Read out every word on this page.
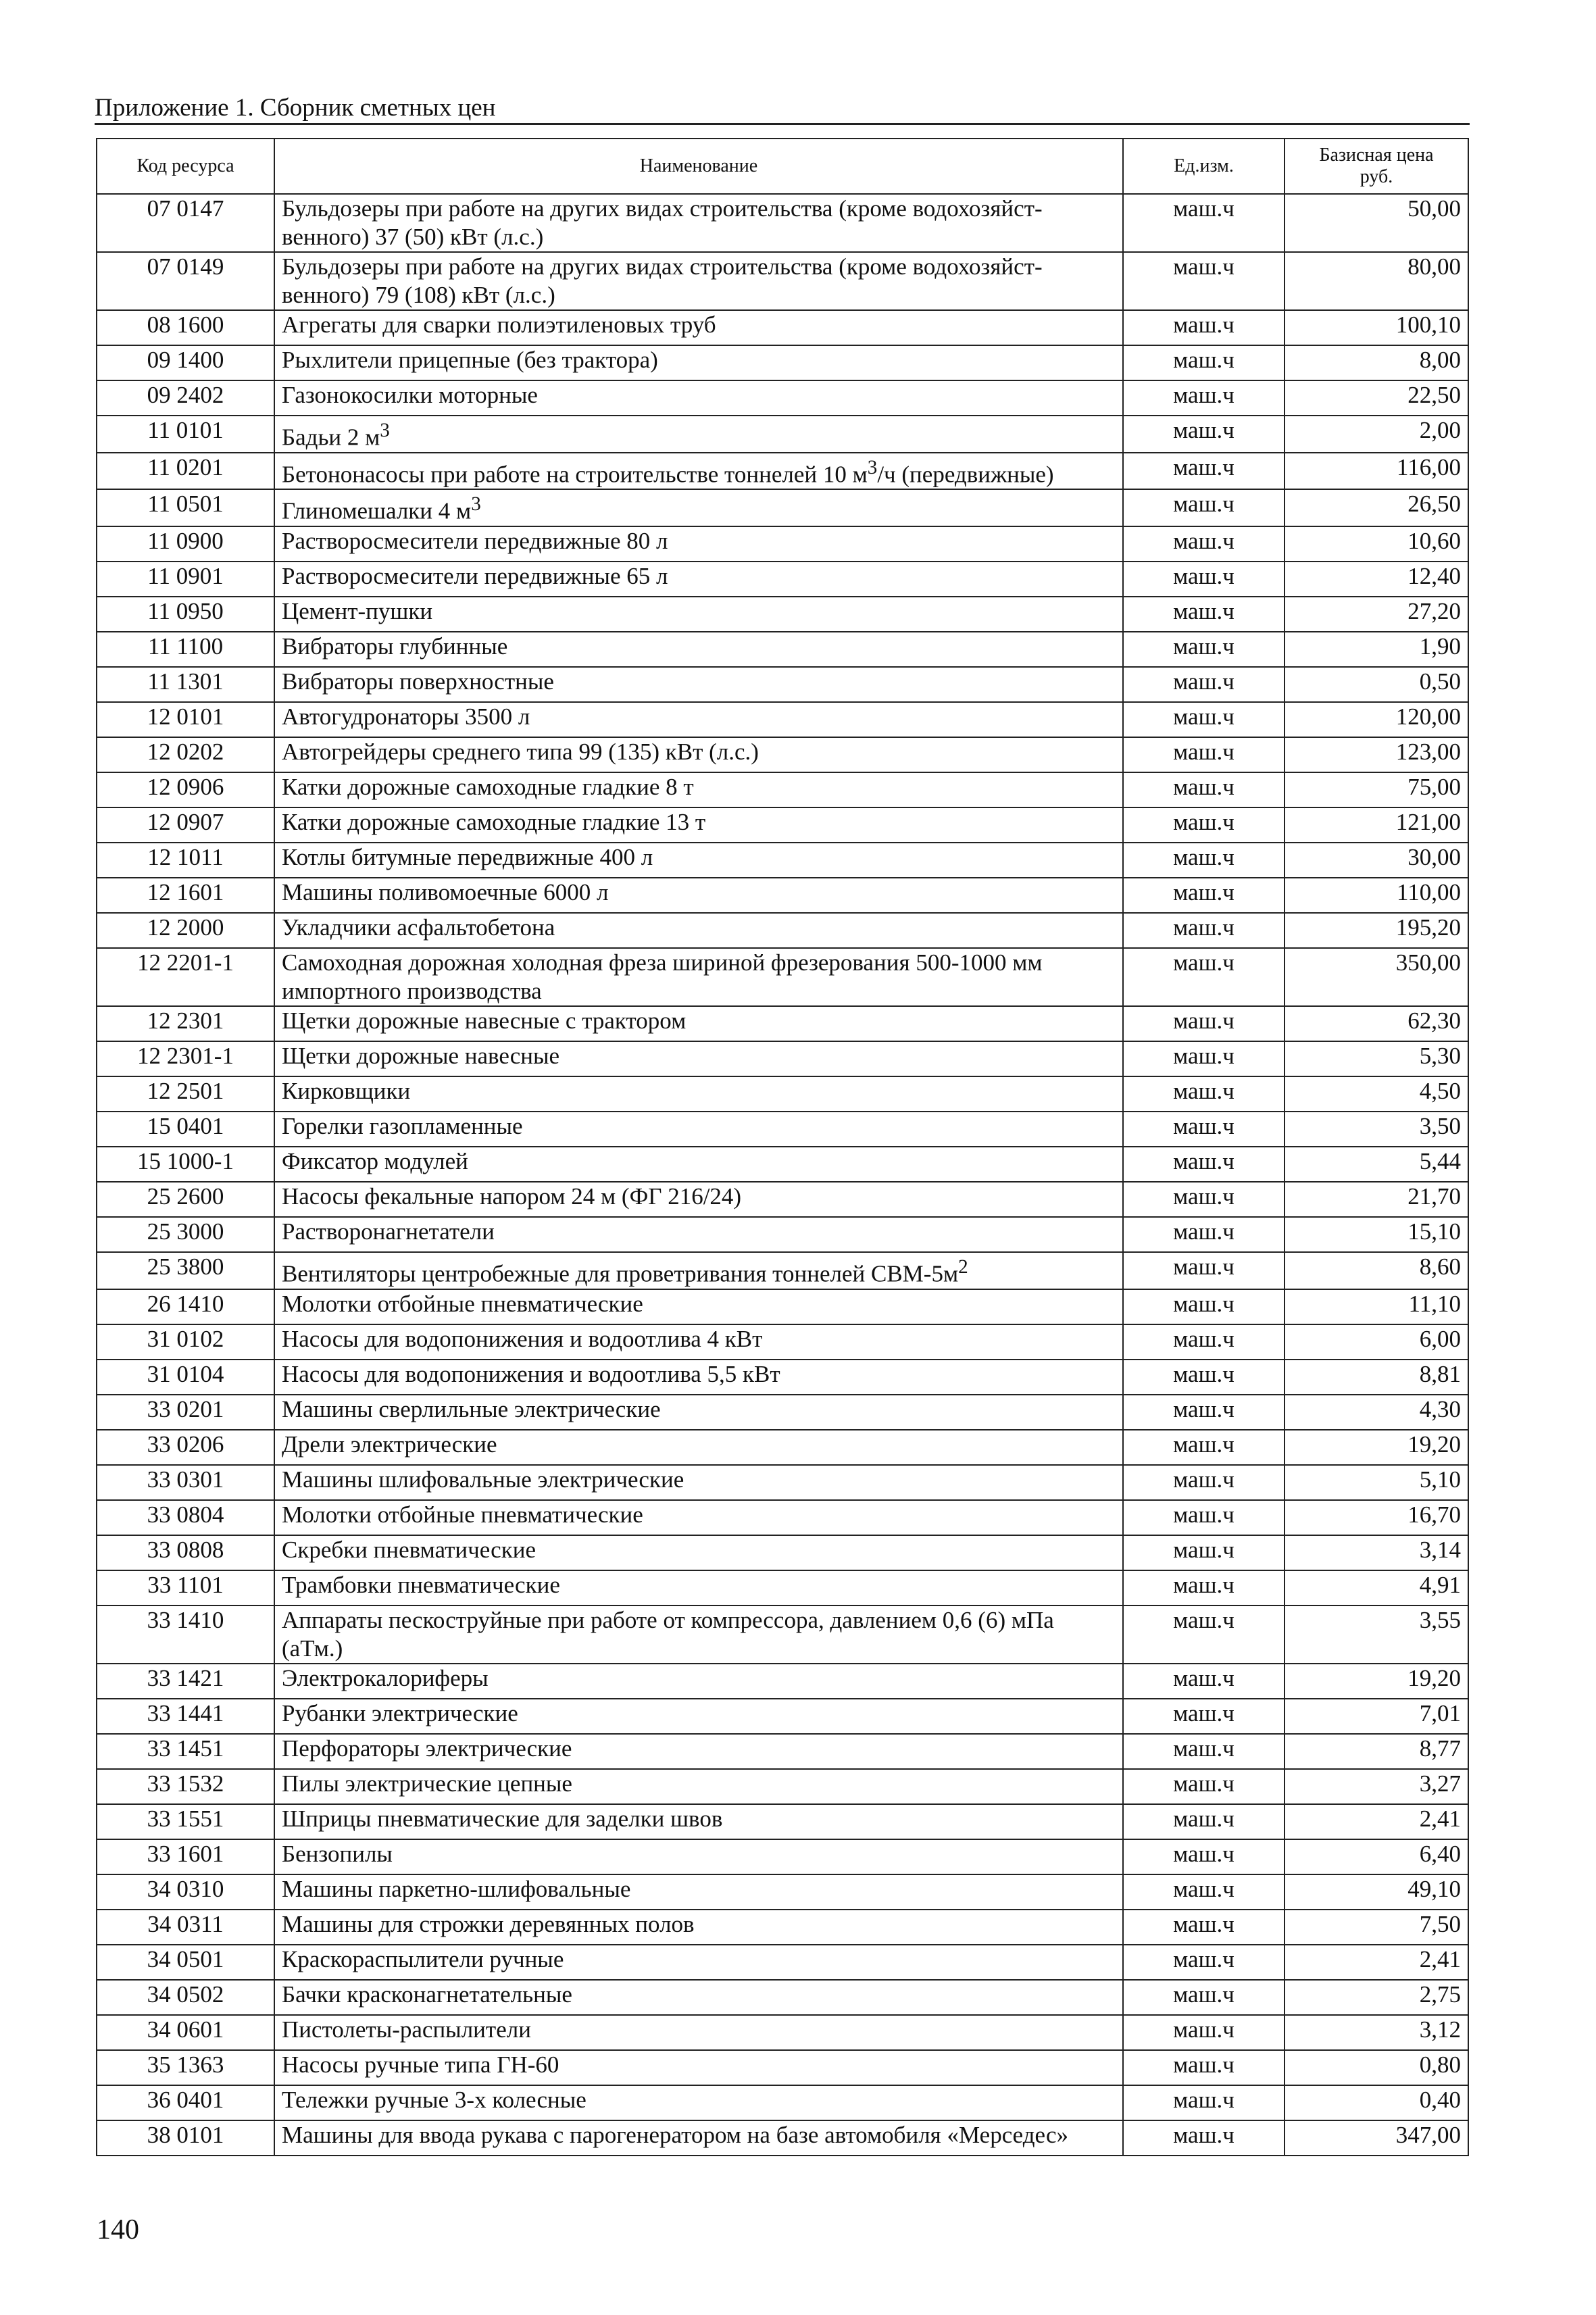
Приложение 1. Сборник сметных цен
Код ресурса	Наименование	Ед.изм.	Базисная цена
руб.
07 0147	Бульдозеры при работе на других видах строительства (кроме водохозяйст-
венного) 37 (50) кВт (л.с.)	маш.ч	50,00
07 0149	Бульдозеры при работе на других видах строительства (кроме водохозяйст-
венного) 79 (108) кВт (л.с.)	маш.ч	80,00
08 1600	Агрегаты для сварки полиэтиленовых труб	маш.ч	100,10
09 1400	Рыхлители прицепные (без трактора)	маш.ч	8,00
09 2402	Газонокосилки моторные	маш.ч	22,50
11 0101	Бадьи 2 $м^3$	маш.ч	2,00
11 0201	Бетононасосы при работе на строительстве тоннелей 10 $м^3/ч$ (передвижные)	маш.ч	116,00
11 0501	Глиномешалки 4 $м^3$	маш.ч	26,50
11 0900	Растворосмесители передвижные 80 л	маш.ч	10,60
11 0901	Растворосмесители передвижные 65 л	маш.ч	12,40
11 0950	Цемент-пушки	маш.ч	27,20
11 1100	Вибраторы глубинные	маш.ч	1,90
11 1301	Вибраторы поверхностные	маш.ч	0,50
12 0101	Автогудронаторы 3500 л	маш.ч	120,00
12 0202	Автогрейдеры среднего типа 99 (135) кВт (л.с.)	маш.ч	123,00
12 0906	Катки дорожные самоходные гладкие 8 т	маш.ч	75,00
12 0907	Катки дорожные самоходные гладкие 13 т	маш.ч	121,00
12 1011	Котлы битумные передвижные 400 л	маш.ч	30,00
12 1601	Машины поливомоечные 6000 л	маш.ч	110,00
12 2000	Укладчики асфальтобетона	маш.ч	195,20
12 2201-1	Самоходная дорожная холодная фреза шириной фрезерования 500-1000 мм
импортного производства	маш.ч	350,00
12 2301	Щетки дорожные навесные с трактором	маш.ч	62,30
12 2301-1	Щетки дорожные навесные	маш.ч	5,30
12 2501	Кирковщики	маш.ч	4,50
15 0401	Горелки газопламенные	маш.ч	3,50
15 1000-1	Фиксатор модулей	маш.ч	5,44
25 2600	Насосы фекальные напором 24 м (ФГ 216/24)	маш.ч	21,70
25 3000	Растворонагнетатели	маш.ч	15,10
25 3800	Вентиляторы центробежные для проветривания тоннелей СВМ-$5м^2$	маш.ч	8,60
26 1410	Молотки отбойные пневматические	маш.ч	11,10
31 0102	Насосы для водопонижения и водоотлива 4 кВт	маш.ч	6,00
31 0104	Насосы для водопонижения и водоотлива 5,5 кВт	маш.ч	8,81
33 0201	Машины сверлильные электрические	маш.ч	4,30
33 0206	Дрели электрические	маш.ч	19,20
33 0301	Машины шлифовальные электрические	маш.ч	5,10
33 0804	Молотки отбойные пневматические	маш.ч	16,70
33 0808	Скребки пневматические	маш.ч	3,14
33 1101	Трамбовки пневматические	маш.ч	4,91
33 1410	Аппараты пескоструйные при работе от компрессора, давлением 0,6 (6) мПа (аТм.)	маш.ч	3,55
33 1421	Электрокалориферы	маш.ч	19,20
33 1441	Рубанки электрические	маш.ч	7,01
33 1451	Перфораторы электрические	маш.ч	8,77
33 1532	Пилы электрические цепные	маш.ч	3,27
33 1551	Шприцы пневматические для заделки швов	маш.ч	2,41
33 1601	Бензопилы	маш.ч	6,40
34 0310	Машины паркетно-шлифовальные	маш.ч	49,10
34 0311	Машины для строжки деревянных полов	маш.ч	7,50
34 0501	Краскораспылители ручные	маш.ч	2,41
34 0502	Бачки красконагнетательные	маш.ч	2,75
34 0601	Пистолеты-распылители	маш.ч	3,12
35 1363	Насосы ручные типа ГН-60	маш.ч	0,80
36 0401	Тележки ручные 3-х колесные	маш.ч	0,40
38 0101	Машины для ввода рукава с парогенератором на базе автомобиля «Мерседес»	маш.ч	347,00
140
